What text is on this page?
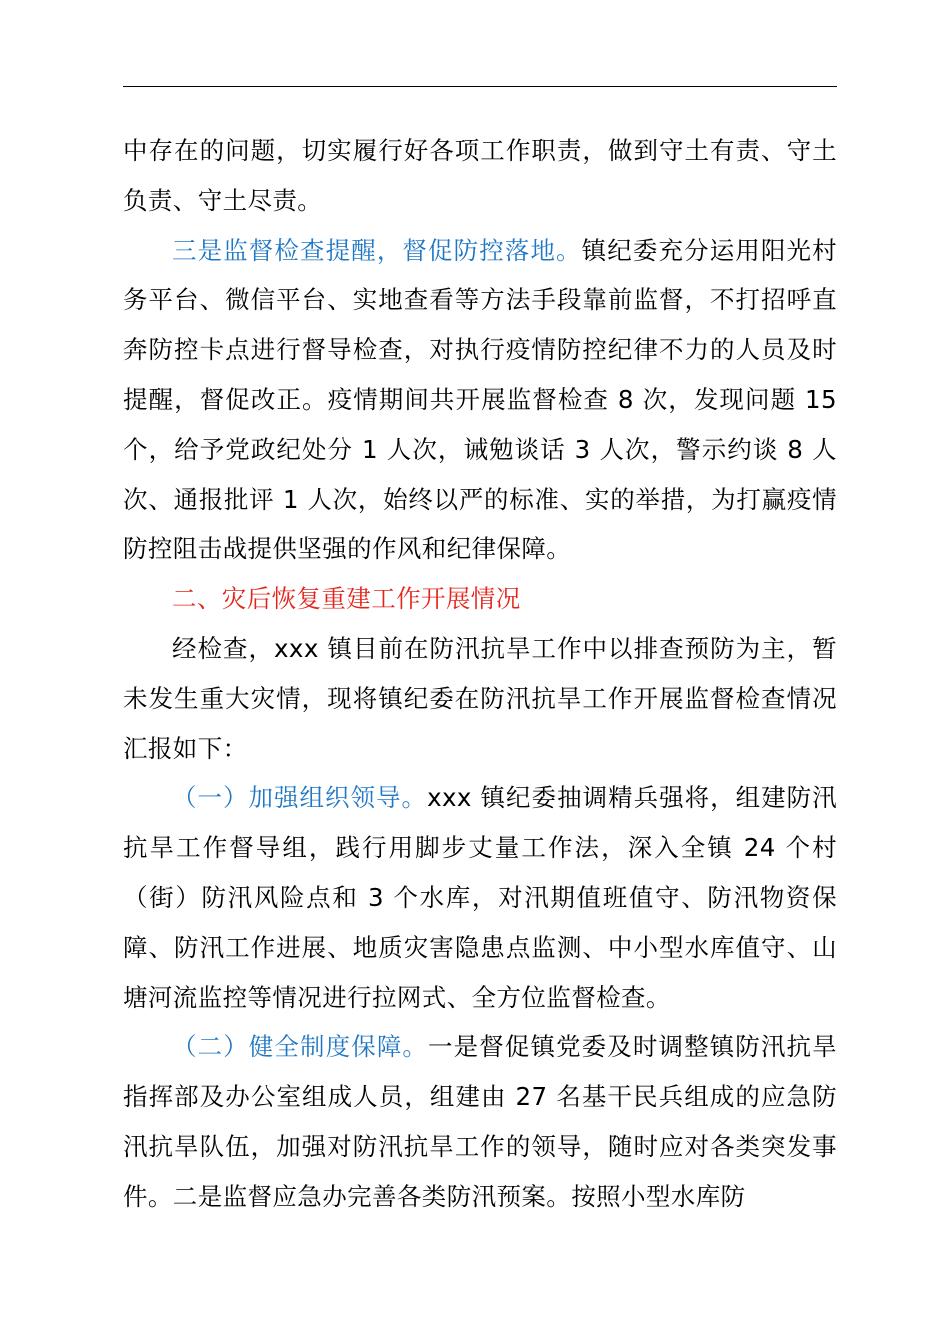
中存在的问题，切实履行好各项工作职责，做到守土有责、守土负责、守土尽责。

三是监督检查提醒，督促防控落地。镇纪委充分运用阳光村务平台、微信平台、实地查看等方法手段靠前监督，不打招呼直奔防控卡点进行督导检查，对执行疫情防控纪律不力的人员及时提醒，督促改正。疫情期间共开展监督检查 8 次，发现问题 15 个，给予党政纪处分 1 人次，诫勉谈话 3 人次，警示约谈 8 人次、通报批评 1 人次，始终以严的标准、实的举措，为打赢疫情防控阻击战提供坚强的作风和纪律保障。

二、灾后恢复重建工作开展情况

经检查，xxx 镇目前在防汛抗旱工作中以排查预防为主，暂未发生重大灾情，现将镇纪委在防汛抗旱工作开展监督检查情况汇报如下：

（一）加强组织领导。xxx 镇纪委抽调精兵强将，组建防汛抗旱工作督导组，践行用脚步丈量工作法，深入全镇 24 个村（街）防汛风险点和 3 个水库，对汛期值班值守、防汛物资保障、防汛工作进展、地质灾害隐患点监测、中小型水库值守、山塘河流监控等情况进行拉网式、全方位监督检查。

（二）健全制度保障。一是督促镇党委及时调整镇防汛抗旱指挥部及办公室组成人员，组建由 27 名基干民兵组成的应急防汛抗旱队伍，加强对防汛抗旱工作的领导，随时应对各类突发事件。二是监督应急办完善各类防汛预案。按照小型水库防
